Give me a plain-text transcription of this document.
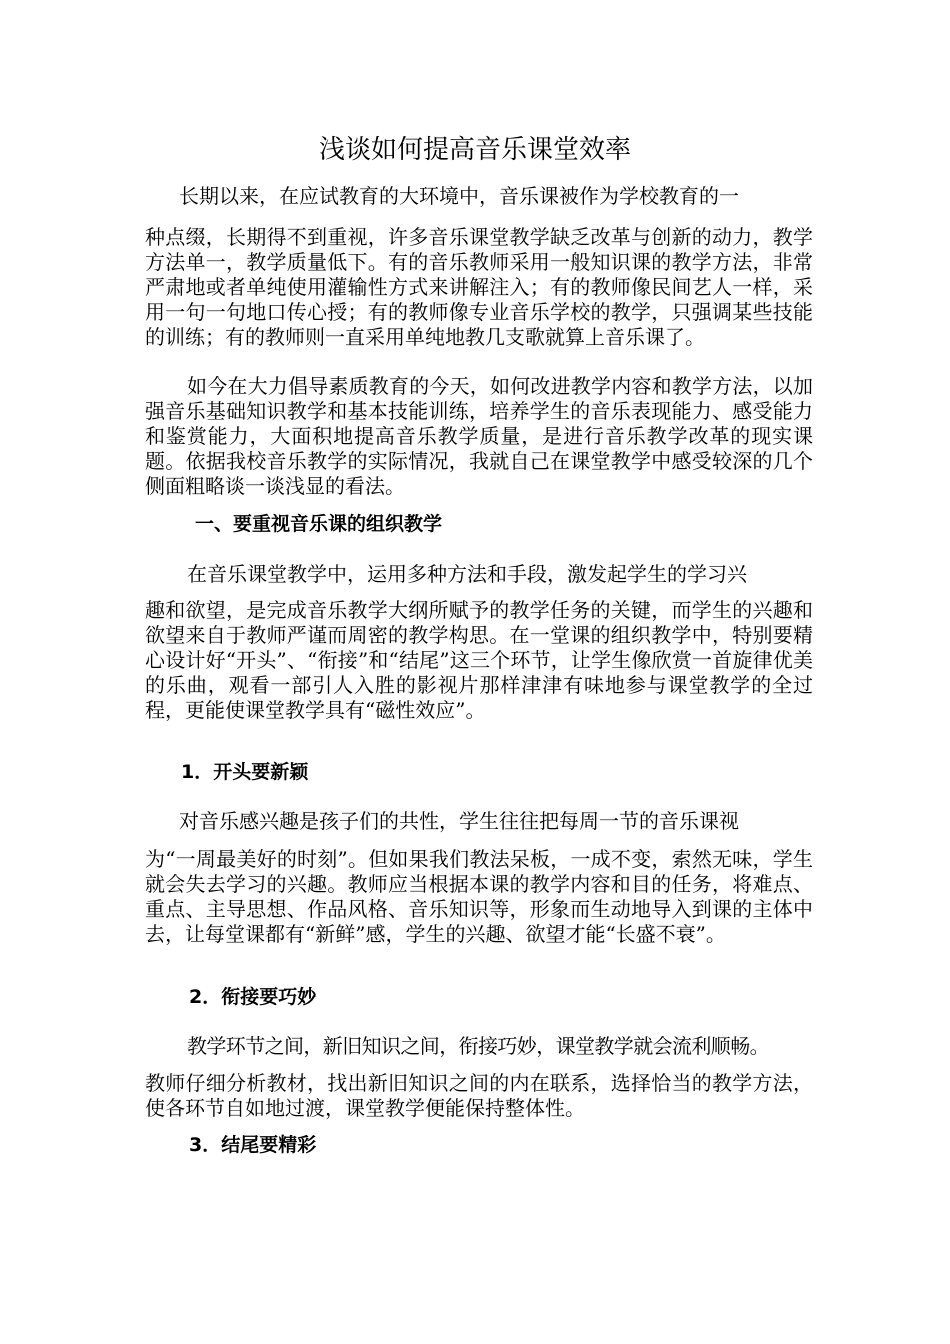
浅谈如何提高音乐课堂效率
长期以来，在应试教育的大环境中，音乐课被作为学校教育的一

种点缀，长期得不到重视，许多音乐课堂教学缺乏改革与创新的动力，教学方法单一，教学质量低下。有的音乐教师采用一般知识课的教学方法，非常严肃地或者单纯使用灌输性方式来讲解注入；有的教师像民间艺人一样，采用一句一句地口传心授；有的教师像专业音乐学校的教学，只强调某些技能的训练；有的教师则一直采用单纯地教几支歌就算上音乐课了。

如今在大力倡导素质教育的今天，如何改进教学内容和教学方法，以加强音乐基础知识教学和基本技能训练，培养学生的音乐表现能力、感受能力和鉴赏能力，大面积地提高音乐教学质量，是进行音乐教学改革的现实课题。依据我校音乐教学的实际情况，我就自己在课堂教学中感受较深的几个侧面粗略谈一谈浅显的看法。

一、要重视音乐课的组织教学
在音乐课堂教学中，运用多种方法和手段，激发起学生的学习兴

趣和欲望，是完成音乐教学大纲所赋予的教学任务的关键，而学生的兴趣和欲望来自于教师严谨而周密的教学构思。在一堂课的组织教学中，特别要精心设计好“开头”、“衔接”和“结尾”这三个环节，让学生像欣赏一首旋律优美的乐曲，观看一部引人入胜的影视片那样津津有味地参与课堂教学的全过程，更能使课堂教学具有“磁性效应”。

1．开头要新颖
对音乐感兴趣是孩子们的共性，学生往往把每周一节的音乐课视

为“一周最美好的时刻”。但如果我们教法呆板，一成不变，索然无味，学生就会失去学习的兴趣。教师应当根据本课的教学内容和目的任务，将难点、重点、主导思想、作品风格、音乐知识等，形象而生动地导入到课的主体中去，让每堂课都有“新鲜”感，学生的兴趣、欲望才能“长盛不衰”。

2．衔接要巧妙
教学环节之间，新旧知识之间，衔接巧妙，课堂教学就会流利顺畅。

教师仔细分析教材，找出新旧知识之间的内在联系，选择恰当的教学方法，使各环节自如地过渡，课堂教学便能保持整体性。

3．结尾要精彩
